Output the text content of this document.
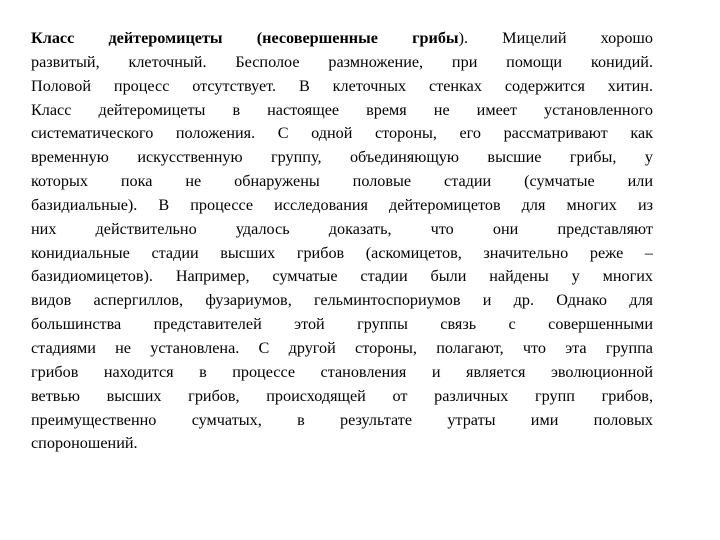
Класс дейтеромицеты (несовершенные грибы). Мицелий хорошо
развитый, клеточный. Бесполое размножение, при помощи конидий.
Половой процесс отсутствует. В клеточных стенках содержится хитин.
Класс дейтеромицеты в настоящее время не имеет установленного
систематического положения. С одной стороны, его рассматривают как
временную искусственную группу, объединяющую высшие грибы, у
которых пока не обнаружены половые стадии (сумчатые или
базидиальные). В процессе исследования дейтеромицетов для многих из
них действительно удалось доказать, что они представляют
конидиальные стадии высших грибов (аскомицетов, значительно реже –
базидиомицетов). Например, сумчатые стадии были найдены у многих
видов аспергиллов, фузариумов, гельминтоспориумов и др. Однако для
большинства представителей этой группы связь с совершенными
стадиями не установлена. С другой стороны, полагают, что эта группа
грибов находится в процессе становления и является эволюционной
ветвью высших грибов, происходящей от различных групп грибов,
преимущественно сумчатых, в результате утраты ими половых
спороношений.
